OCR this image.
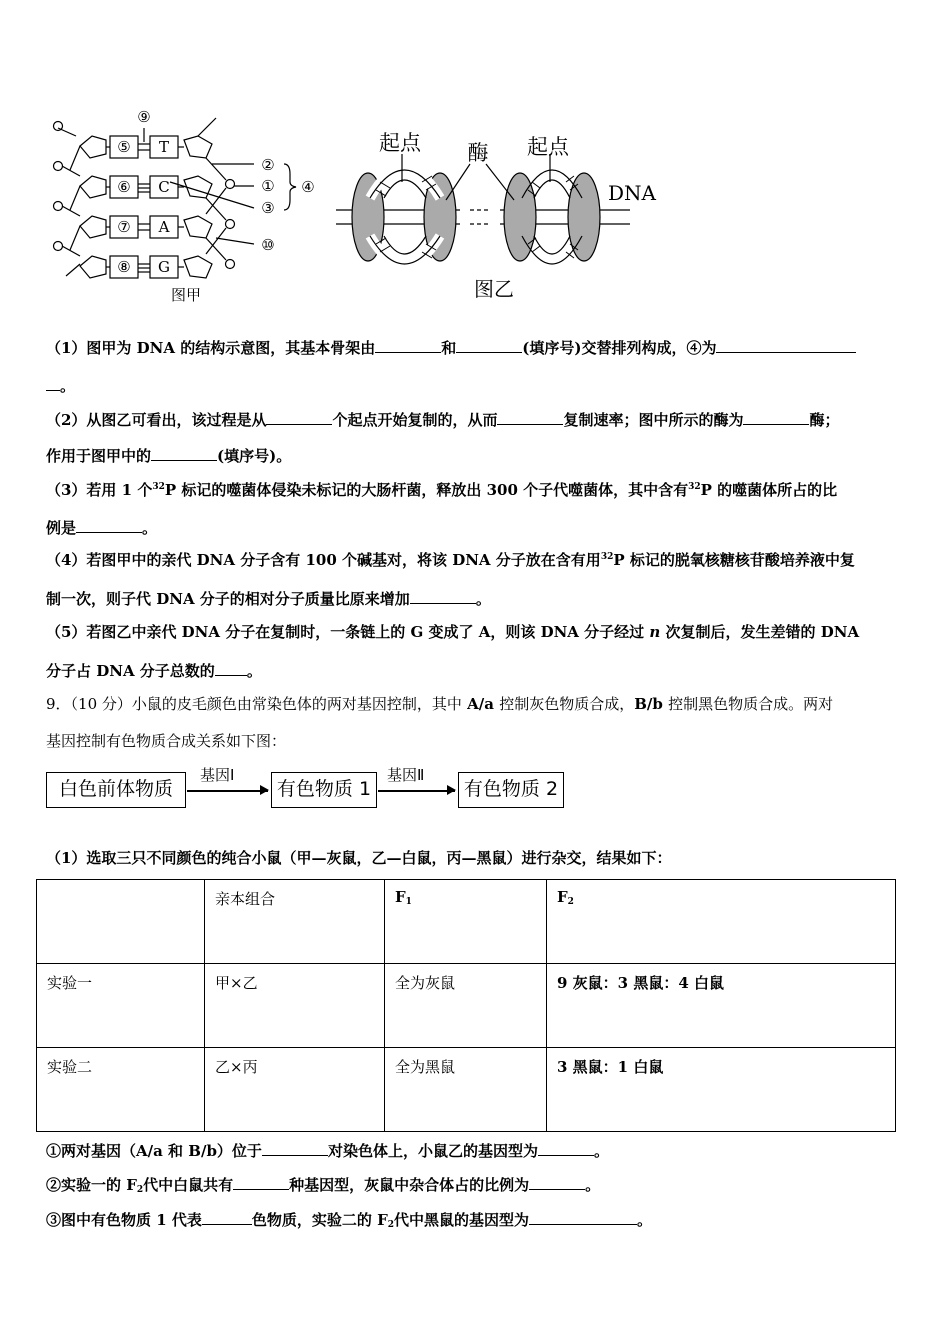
⑤
⑥
⑦
⑧
T
C
A
G
⑨
②
①
③
④
⑩
图甲
起点 酶 起点
DNA
图乙
（1）图甲为 DNA 的结构示意图，其基本骨架由	和	(填序号)交替排列构成，④为
。
（2）从图乙可看出，该过程是从	个起点开始复制的，从而	复制速率；图中所示的酶为	酶；
作用于图甲中的	(填序号)。
（3）若用 1 个$^{32}$P 标记的噬菌体侵染未标记的大肠杆菌，释放出 300 个子代噬菌体，其中含有$^{32}$P 的噬菌体所占的比
例是	。
（4）若图甲中的亲代 DNA 分子含有 100 个碱基对，将该 DNA 分子放在含有用$^{32}$P 标记的脱氧核糖核苷酸培养液中复
制一次，则子代 DNA 分子的相对分子质量比原来增加	。
（5）若图乙中亲代 DNA 分子在复制时，一条链上的 G 变成了 A，则该 DNA 分子经过 n 次复制后，发生差错的 DNA
分子占 DNA 分子总数的 。
9．（10 分）小鼠的皮毛颜色由常染色体的两对基因控制，其中 A/a 控制灰色物质合成，B/b 控制黑色物质合成。两对
基因控制有色物质合成关系如下图：
白色前体物质
基因Ⅰ
有色物质 1
基因Ⅱ
有色物质 2
（1）选取三只不同颜色的纯合小鼠（甲—灰鼠，乙—白鼠，丙—黑鼠）进行杂交，结果如下：
	亲本组合	$F_1$	$F_2$
实验一	甲×乙	全为灰鼠	9 灰鼠：3 黑鼠：4 白鼠
实验二	乙×丙	全为黑鼠	3 黑鼠：1 白鼠
①两对基因（A/a 和 B/b）位于	对染色体上，小鼠乙的基因型为	。
②实验一的 $F_2$代中白鼠共有	种基因型，灰鼠中杂合体占的比例为	。
③图中有色物质 1 代表	色物质，实验二的 $F_2$代中黑鼠的基因型为	。
